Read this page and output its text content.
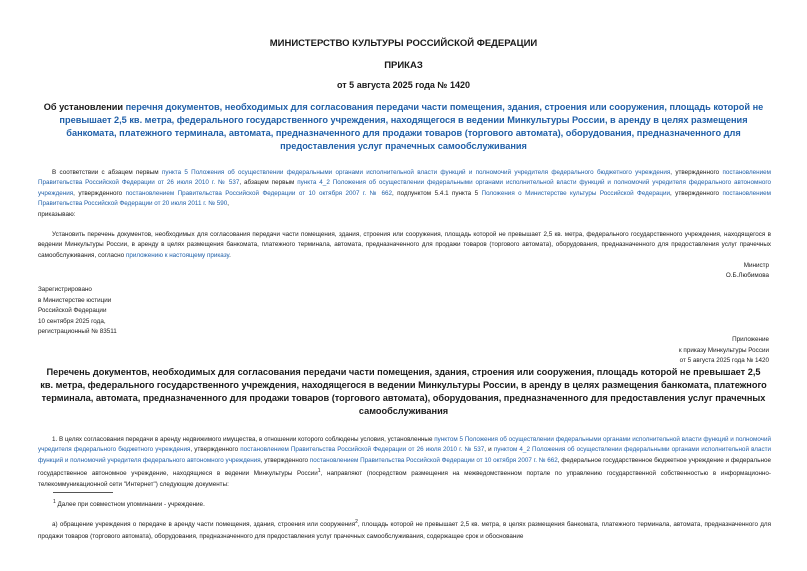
МИНИСТЕРСТВО КУЛЬТУРЫ РОССИЙСКОЙ ФЕДЕРАЦИИ
ПРИКАЗ
от 5 августа 2025 года № 1420
Об установлении перечня документов, необходимых для согласования передачи части помещения, здания, строения или сооружения, площадь которой не превышает 2,5 кв. метра, федерального государственного учреждения, находящегося в ведении Минкультуры России, в аренду в целях размещения банкомата, платежного терминала, автомата, предназначенного для продажи товаров (торгового автомата), оборудования, предназначенного для предоставления услуг прачечных самообслуживания
В соответствии с абзацем первым пункта 5 Положения об осуществлении федеральными органами исполнительной власти функций и полномочий учредителя федерального бюджетного учреждения, утвержденного постановлением Правительства Российской Федерации от 26 июля 2010 г. № 537, абзацем первым пункта 4_2 Положения об осуществлении федеральными органами исполнительной власти функций и полномочий учредителя федерального автономного учреждения, утвержденного постановлением Правительства Российской Федерации от 10 октября 2007 г. № 662, подпунктом 5.4.1 пункта 5 Положения о Министерстве культуры Российской Федерации, утвержденного постановлением Правительства Российской Федерации от 20 июля 2011 г. № 590,
приказываю:
Установить перечень документов, необходимых для согласования передачи части помещения, здания, строения или сооружения, площадь которой не превышает 2,5 кв. метра, федерального государственного учреждения, находящегося в ведении Минкультуры России, в аренду в целях размещения банкомата, платежного терминала, автомата, предназначенного для продажи товаров (торгового автомата), оборудования, предназначенного для предоставления услуг прачечных самообслуживания, согласно приложению к настоящему приказу.
Министр
О.Б.Любимова
Зарегистрировано
в Министерстве юстиции
Российской Федерации
10 сентября 2025 года,
регистрационный № 83511
Приложение
к приказу Минкультуры России
от 5 августа 2025 года № 1420
Перечень документов, необходимых для согласования передачи части помещения, здания, строения или сооружения, площадь которой не превышает 2,5 кв. метра, федерального государственного учреждения, находящегося в ведении Минкультуры России, в аренду в целях размещения банкомата, платежного терминала, автомата, предназначенного для продажи товаров (торгового автомата), оборудования, предназначенного для предоставления услуг прачечных самообслуживания
1. В целях согласования передачи в аренду недвижимого имущества, в отношении которого соблюдены условия, установленные пунктом 5 Положения об осуществлении федеральными органами исполнительной власти функций и полномочий учредителя федерального бюджетного учреждения, утвержденного постановлением Правительства Российской Федерации от 26 июля 2010 г. № 537, и пунктом 4_2 Положения об осуществлении федеральными органами исполнительной власти функций и полномочий учредителя федерального автономного учреждения, утвержденного постановлением Правительства Российской Федерации от 10 октября 2007 г. № 662, федеральное государственное бюджетное учреждение и федеральное государственное автономное учреждение, находящиеся в ведении Минкультуры России$^1$, направляют (посредством размещения на межведомственном портале по управлению государственной собственностью в информационно-телекоммуникационной сети "Интернет") следующие документы:
$^1$ Далее при совместном упоминании - учреждение.
а) обращение учреждения о передаче в аренду части помещения, здания, строения или сооружения$^2$, площадь которой не превышает 2,5 кв. метра, в целях размещения банкомата, платежного терминала, автомата, предназначенного для продажи товаров (торгового автомата), оборудования, предназначенного для предоставления услуг прачечных самообслуживания, содержащее срок и обоснование
